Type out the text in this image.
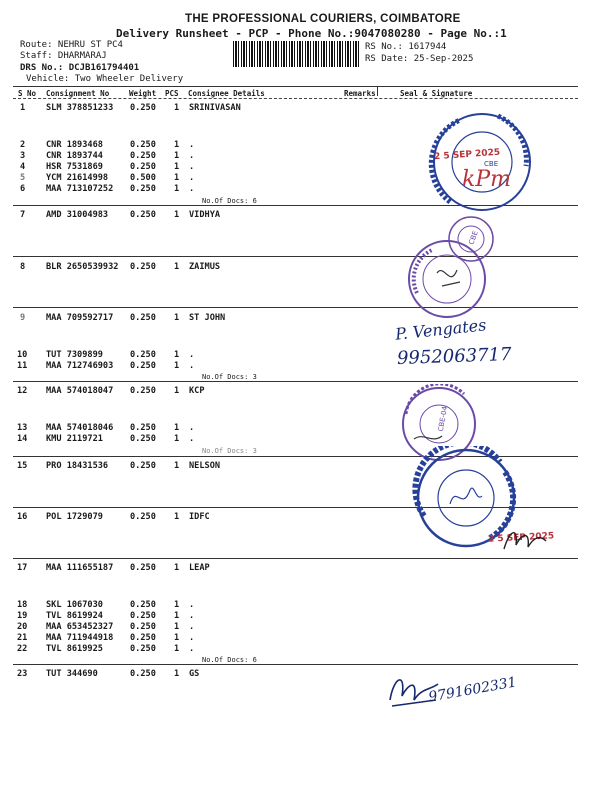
THE PROFESSIONAL COURIERS, COIMBATORE
Delivery Runsheet - PCP - Phone No.:9047080280 - Page No.:1
Route: NEHRU ST PC4
Staff: DHARMARAJ
DRS No.: DCJB161794401
Vehicle: Two Wheeler Delivery
RS No.: 1617944
RS Date: 25-Sep-2025
S No Consignment No	Weight PCS Consignee Details	Remarks	Seal & Signature
1 SLM 378851233 0.250 1 SRINIVASAN
2 CNR 1893468	0.250 1 .
3 CNR 1893744	0.250 1 .
4 HSR 7531869	0.250 1 .
5 YCM 21614998	0.500 1 .
6 MAA 713107252 0.250 1 .
No.Of Docs: 6
7 AMD 31004983	0.250 1 VIDHYA
8 BLR 2650539932 0.250 1 ZAIMUS
9 MAA 709592717 0.250 1 ST JOHN
10 TUT 7309899	0.250 1 .
11 MAA 712746903 0.250 1 .
No.Of Docs: 3
12 MAA 574018047 0.250 1 KCP
13 MAA 574018046 0.250 1 .
14 KMU 2119721	0.250 1 .
No.Of Docs: 3
15 PRO 18431536	0.250 1 NELSON
16 POL 1729079	0.250 1 IDFC
17 MAA 111655187 0.250 1 LEAP
18 SKL 1067030	0.250 1 .
19 TVL 8619924	0.250 1 .
20 MAA 653452327 0.250 1 .
21 MAA 711944918 0.250 1 .
22 TVL 8619925	0.250 1 .
No.Of Docs: 6
23 TUT 344690	0.250 1 GS
CBE
2 5 SEP 2025
kPm
CBE
P. Vengates
9952063717
CBE-04
2 5 SEP 2025
9791602331
